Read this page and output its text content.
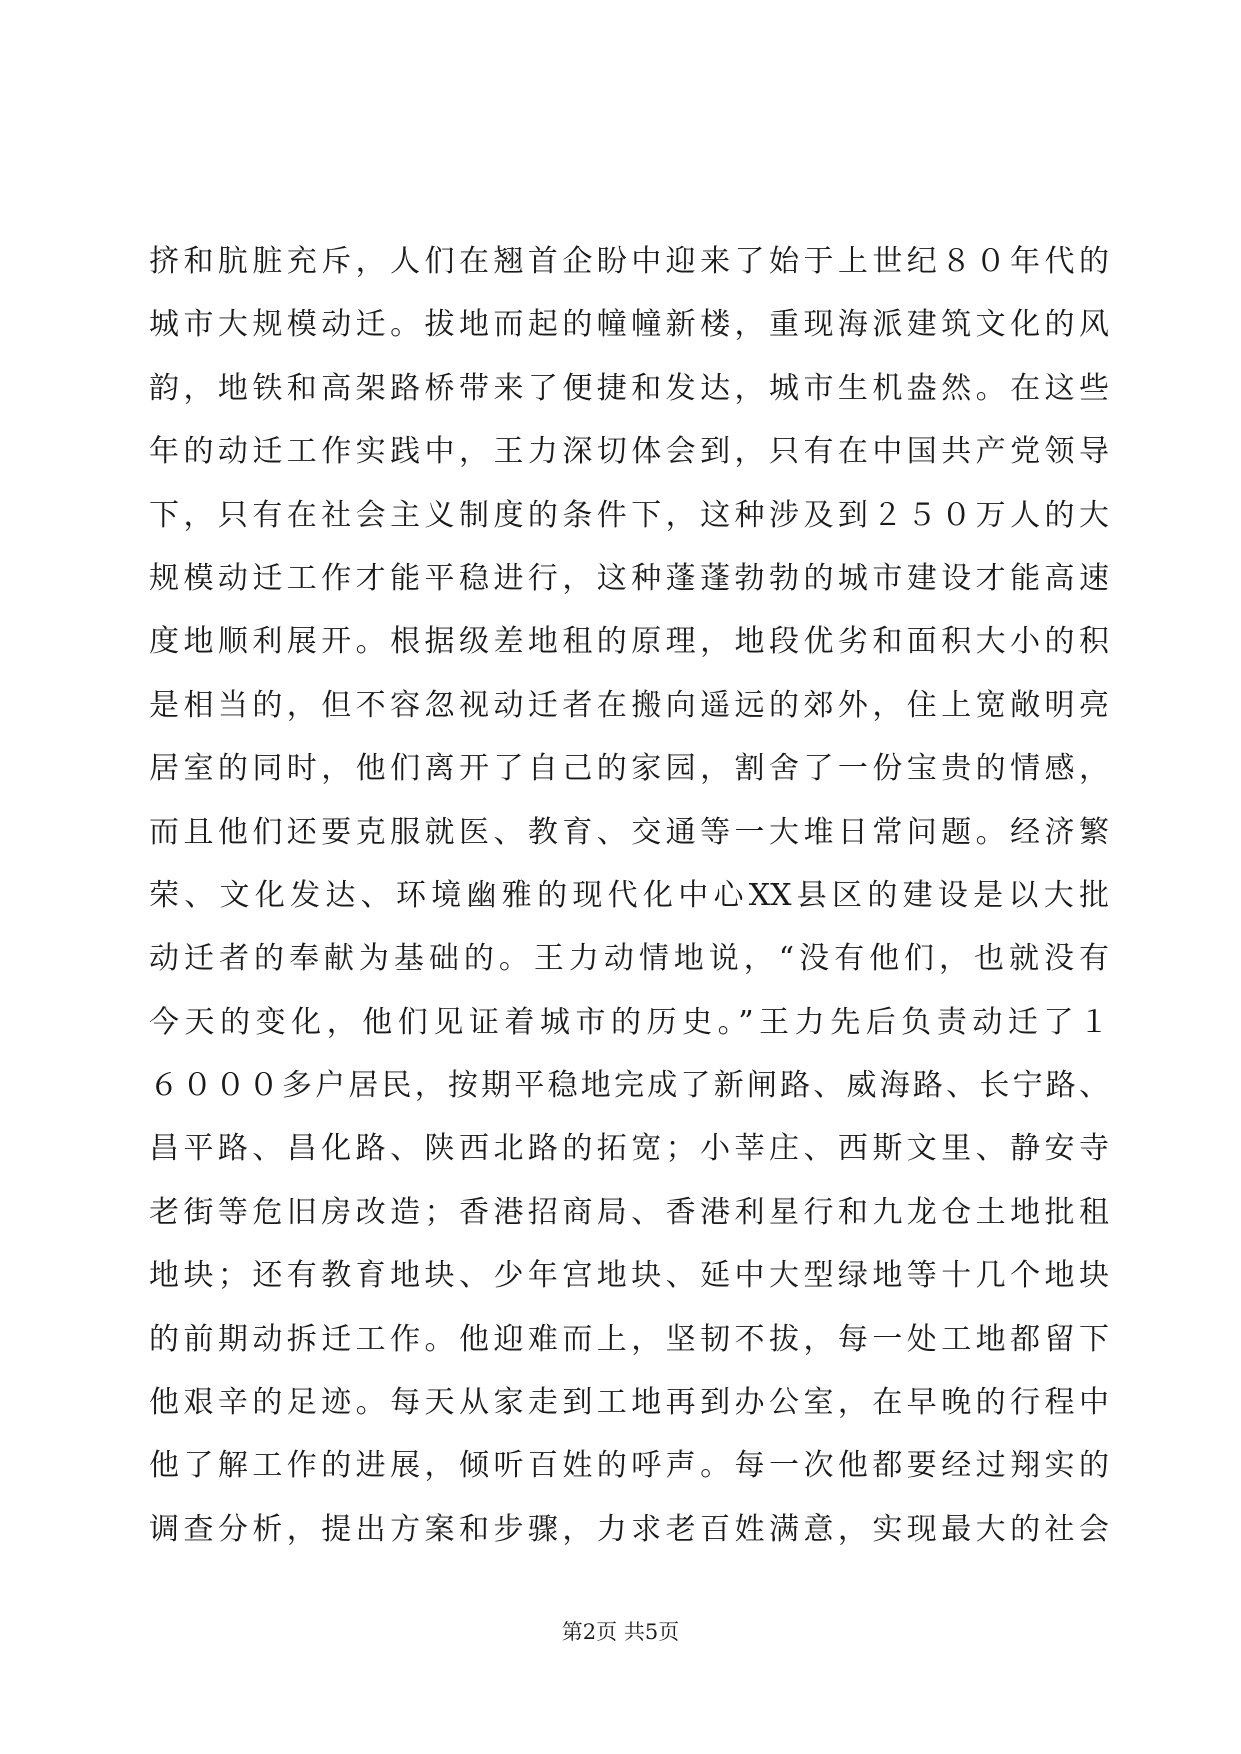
挤和肮脏充斥，人们在翘首企盼中迎来了始于上世纪８０年代的
城市大规模动迁。拔地而起的幢幢新楼，重现海派建筑文化的风
韵，地铁和高架路桥带来了便捷和发达，城市生机盎然。在这些
年的动迁工作实践中，王力深切体会到，只有在中国共产党领导
下，只有在社会主义制度的条件下，这种涉及到２５０万人的大
规模动迁工作才能平稳进行，这种蓬蓬勃勃的城市建设才能高速
度地顺利展开。根据级差地租的原理，地段优劣和面积大小的积
是相当的，但不容忽视动迁者在搬向遥远的郊外，住上宽敞明亮
居室的同时，他们离开了自己的家园，割舍了一份宝贵的情感，
而且他们还要克服就医、教育、交通等一大堆日常问题。经济繁
荣、文化发达、环境幽雅的现代化中心XX县区的建设是以大批
动迁者的奉献为基础的。王力动情地说，“没有他们，也就没有
今天的变化，他们见证着城市的历史。”王力先后负责动迁了１
６０００多户居民，按期平稳地完成了新闸路、威海路、长宁路、
昌平路、昌化路、陕西北路的拓宽；小莘庄、西斯文里、静安寺
老街等危旧房改造；香港招商局、香港利星行和九龙仓土地批租
地块；还有教育地块、少年宫地块、延中大型绿地等十几个地块
的前期动拆迁工作。他迎难而上，坚韧不拔，每一处工地都留下
他艰辛的足迹。每天从家走到工地再到办公室，在早晚的行程中
他了解工作的进展，倾听百姓的呼声。每一次他都要经过翔实的
调查分析，提出方案和步骤，力求老百姓满意，实现最大的社会
第2页 共5页
